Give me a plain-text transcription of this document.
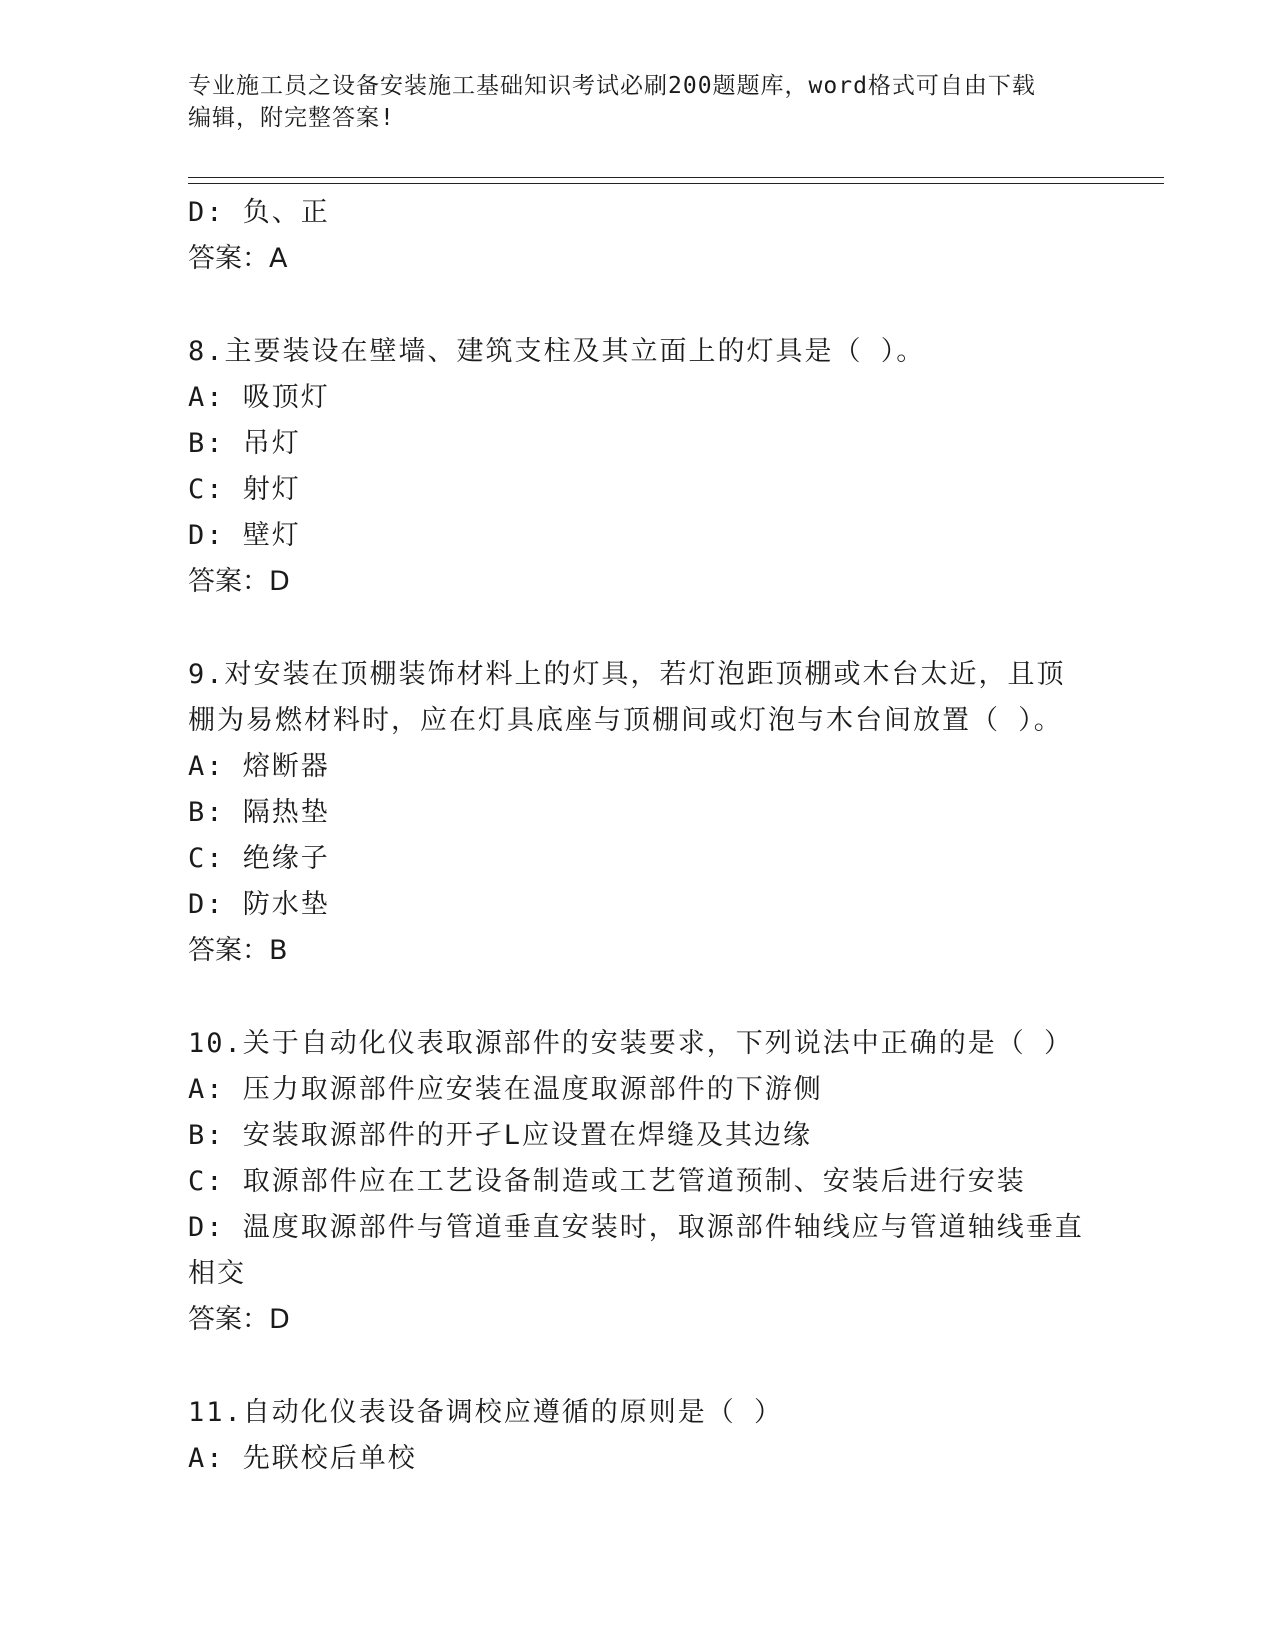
专业施工员之设备安装施工基础知识考试必刷200题题库，word格式可自由下载
编辑，附完整答案!
D: 负、正
答案：A
8.主要装设在壁墙、建筑支柱及其立面上的灯具是（ ）。
A: 吸顶灯
B: 吊灯
C: 射灯
D: 壁灯
答案：D
9.对安装在顶棚装饰材料上的灯具，若灯泡距顶棚或木台太近，且顶
棚为易燃材料时，应在灯具底座与顶棚间或灯泡与木台间放置（ ）。
A: 熔断器
B: 隔热垫
C: 绝缘子
D: 防水垫
答案：B
10.关于自动化仪表取源部件的安装要求，下列说法中正确的是（ ）
A: 压力取源部件应安装在温度取源部件的下游侧
B: 安装取源部件的开孑L应设置在焊缝及其边缘
C: 取源部件应在工艺设备制造或工艺管道预制、安装后进行安装
D: 温度取源部件与管道垂直安装时，取源部件轴线应与管道轴线垂直
相交
答案：D
11.自动化仪表设备调校应遵循的原则是（ ）
A: 先联校后单校
